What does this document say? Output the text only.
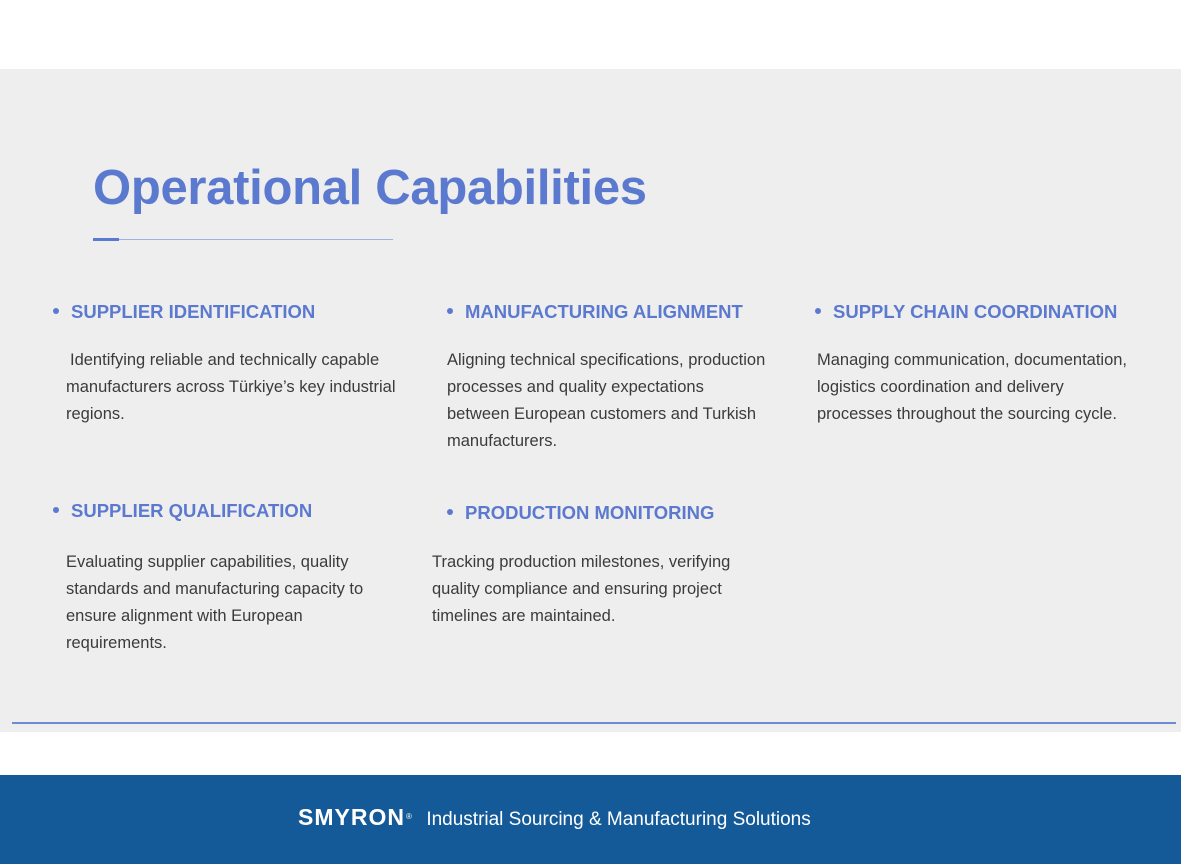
Operational Capabilities
SUPPLIER IDENTIFICATION

Identifying reliable and technically capable manufacturers across Türkiye’s key industrial regions.

MANUFACTURING ALIGNMENT

Aligning technical specifications, production processes and quality expectations between European customers and Turkish manufacturers.

SUPPLY CHAIN COORDINATION

Managing communication, documentation, logistics coordination and delivery processes throughout the sourcing cycle.

SUPPLIER QUALIFICATION

Evaluating supplier capabilities, quality standards and manufacturing capacity to ensure alignment with European requirements.

PRODUCTION MONITORING

Tracking production milestones, verifying quality compliance and ensuring project timelines are maintained.

SMYRON® Industrial Sourcing & Manufacturing Solutions
